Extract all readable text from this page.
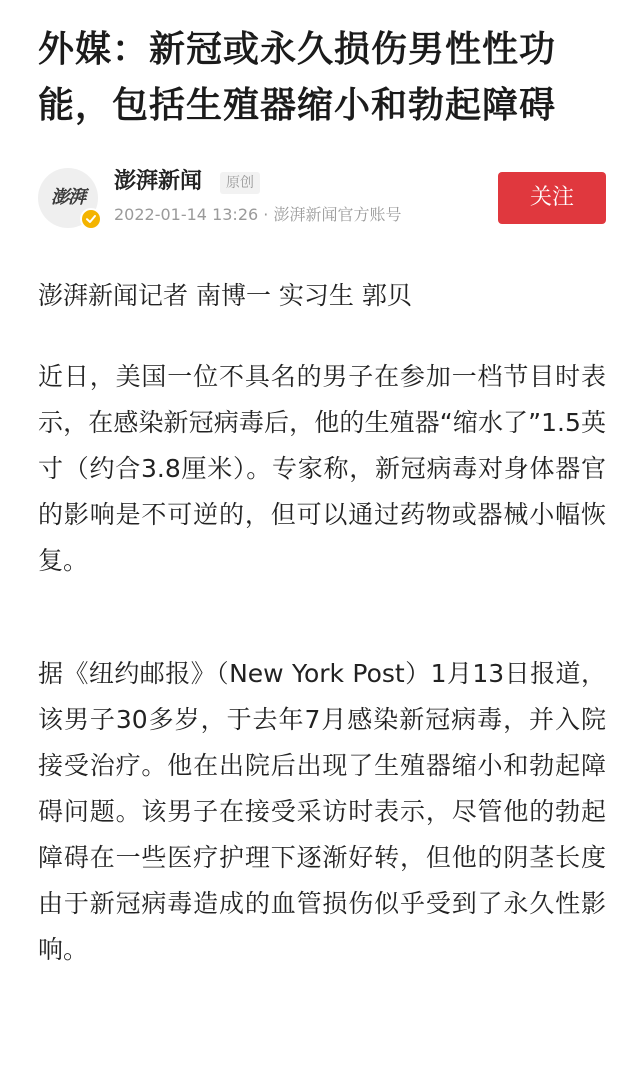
外媒：新冠或永久损伤男性性功能，包括生殖器缩小和勃起障碍
澎湃
澎湃新闻	原创
2022-01-14 13:26 · 澎湃新闻官方账号
关注

澎湃新闻记者 南博一 实习生 郭贝

近日，美国一位不具名的男子在参加一档节目时表示，在感染新冠病毒后，他的生殖器“缩水了”1.5英寸（约合3.8厘米）。专家称，新冠病毒对身体器官的影响是不可逆的，但可以通过药物或器械小幅恢复。

据《纽约邮报》（New York Post）1月13日报道，该男子30多岁，于去年7月感染新冠病毒，并入院接受治疗。他在出院后出现了生殖器缩小和勃起障碍问题。该男子在接受采访时表示，尽管他的勃起障碍在一些医疗护理下逐渐好转，但他的阴茎长度由于新冠病毒造成的血管损伤似乎受到了永久性影响。
